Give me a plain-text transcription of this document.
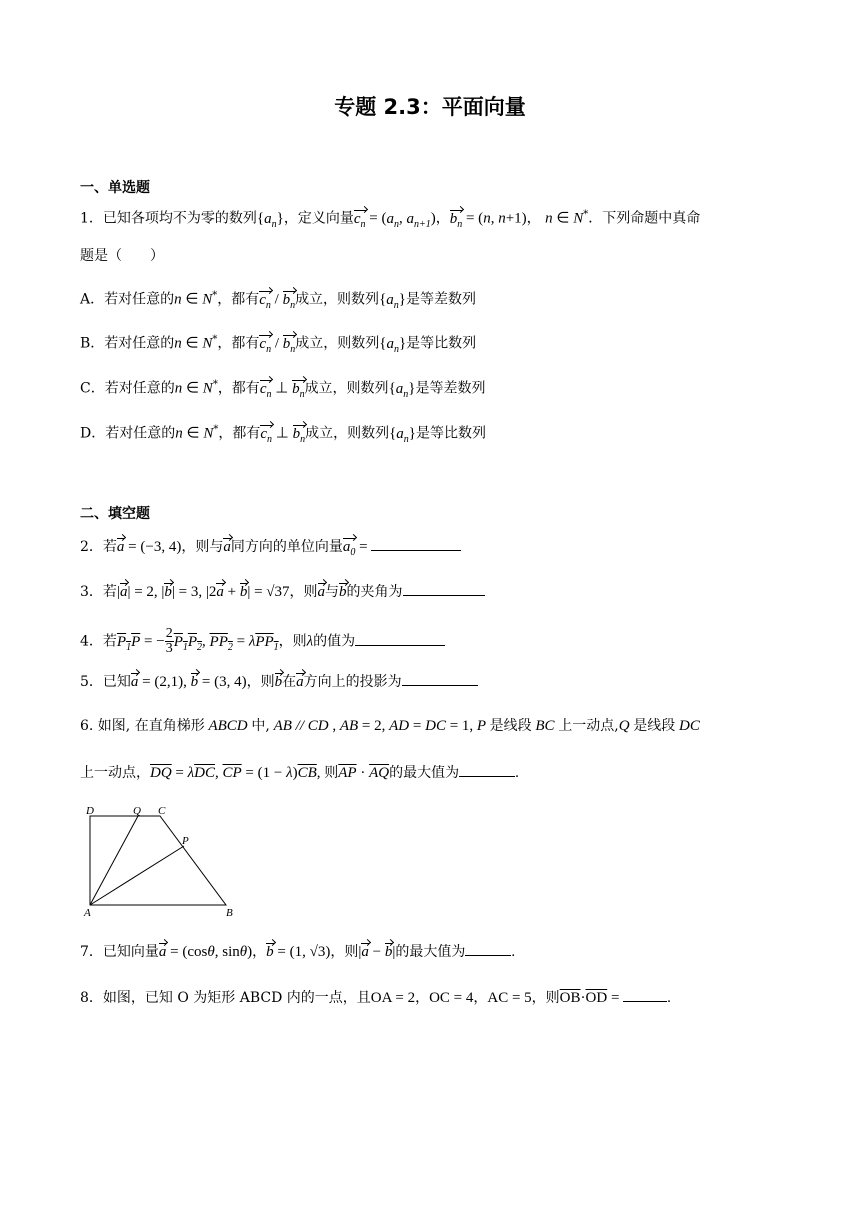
专题 2.3：平面向量
一、单选题
1．已知各项均不为零的数列$\{a_n\}$，定义向量$c_n = (a_n$, $a_{n+1}$)，$b_n = (n$, n+1)， n ∈ N*．下列命题中真命
题是（　　）
A．若对任意的n ∈ N*，都有$c_n / b_n$成立，则数列$\{a_n\}$是等差数列
B．若对任意的n ∈ N*，都有$c_n / b_n$成立，则数列$\{a_n\}$是等比数列
C．若对任意的n ∈ N*，都有$c_n$ ⊥ $b_n$成立，则数列$\{a_n\}$是等差数列
D．若对任意的n ∈ N*，都有$c_n$ ⊥ $b_n$成立，则数列$\{a_n\}$是等比数列
二、填空题
2．若a = (−3, 4)，则与a同方向的单位向量$a_0$ =
3．若|a| = 2, |b| = 3, |2a + b| = √37，则a与b的夹角为
4．若$P_1P$ = − $\frac{2}{3} P_1P_2$, $PP_2 = \lambda PP_1$，则λ的值为
5．已知a = (2,1), b = (3, 4)，则b在a方向上的投影为
6. 如图, 在直角梯形 ABCD 中, AB // CD , AB = 2, AD = DC = 1, P 是线段 BC 上一动点,Q 是线段 DC
上一动点，$\overline{DQ} = \lambda\overline{DC}$, $\overline{CP} = (1 - \lambda)\overline{CB}$, 则$\overline{AP} \cdot \overline{AQ}$的最大值为	.
D	Q C
P
A	B
7．已知向量a = (cosθ, sinθ)，b = (1, √3)，则|a − b|的最大值为	.
8．如图，已知 O 为矩形 ABCD 内的一点，且OA = 2，OC = 4，AC = 5，则$\overline{OB}\cdot\overline{OD}$ =	.
